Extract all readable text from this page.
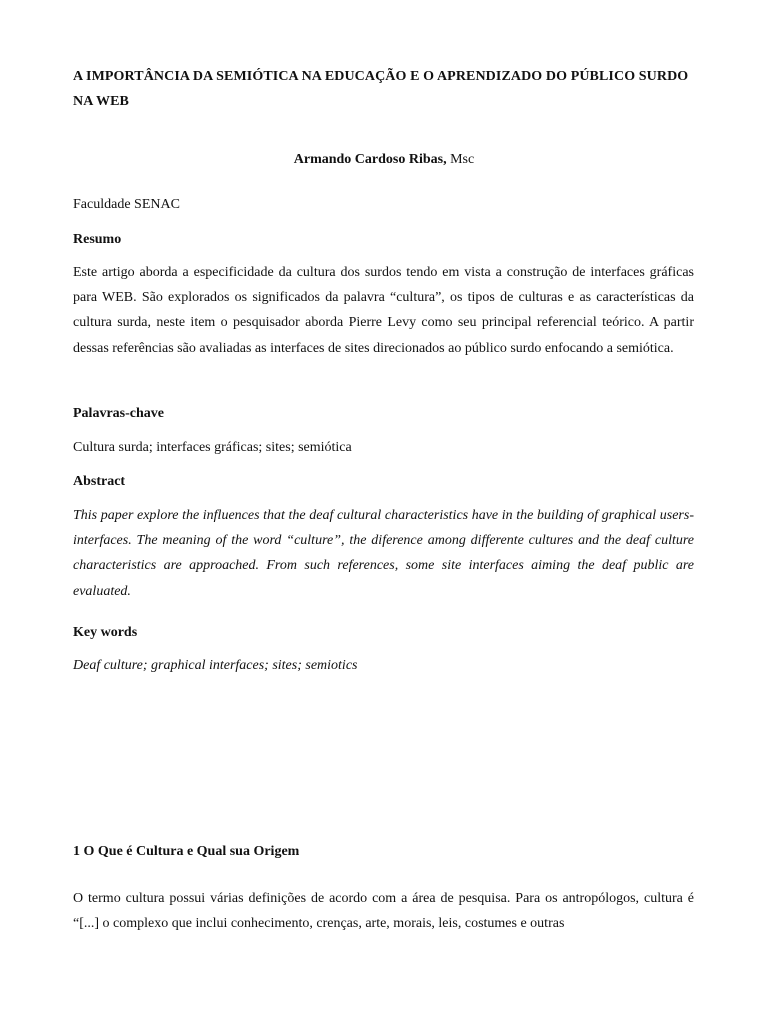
A IMPORTÂNCIA DA SEMIÓTICA NA EDUCAÇÃO E O APRENDIZADO DO PÚBLICO SURDO NA WEB
Armando Cardoso Ribas, Msc
Faculdade SENAC
Resumo
Este artigo aborda a especificidade da cultura dos surdos tendo em vista a construção de interfaces gráficas para WEB. São explorados os significados da palavra “cultura”, os tipos de culturas e as características da cultura surda, neste item o pesquisador aborda Pierre Levy como seu principal referencial teórico. A partir dessas referências são avaliadas as interfaces de sites direcionados ao público surdo enfocando a semiótica.
Palavras-chave
Cultura surda; interfaces gráficas; sites; semiótica
Abstract
This paper explore the influences that the deaf cultural characteristics have in the building of graphical users-interfaces. The meaning of the word “culture”, the diference among differente cultures and the deaf culture characteristics are approached. From such references, some site interfaces aiming the deaf public are evaluated.
Key words
Deaf culture; graphical interfaces; sites; semiotics
1 O Que é Cultura e Qual sua Origem
O termo cultura possui várias definições de acordo com a área de pesquisa. Para os antropólogos, cultura é “[...] o complexo que inclui conhecimento, crenças, arte, morais, leis, costumes e outras
